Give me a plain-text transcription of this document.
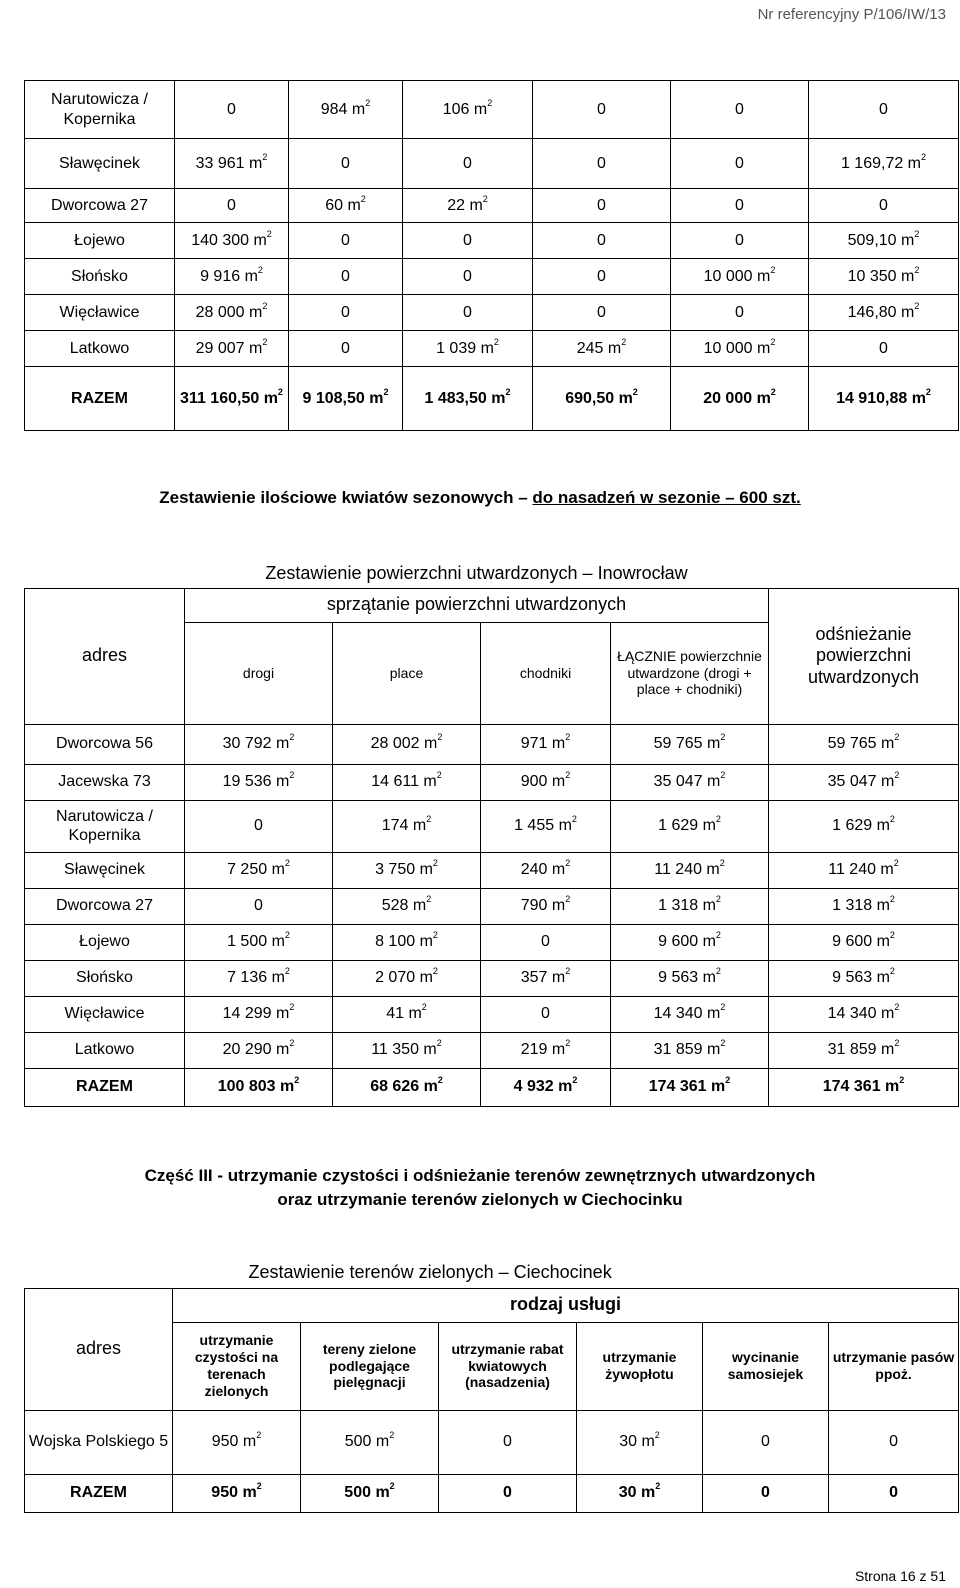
Nr referencyjny P/106/IW/13
Narutowicza / Kopernika	0	984 $m^2$	106 $m^2$	0	0	0
Sławęcinek	33 961 $m^2$	0	0	0	0	1 169,72 $m^2$
Dworcowa 27	0	60 $m^2$	22 $m^2$	0	0	0
Łojewo	140 300 $m^2$	0	0	0	0	509,10 $m^2$
Słońsko	9 916 $m^2$	0	0	0	10 000 $m^2$	10 350 $m^2$
Więcławice	28 000 $m^2$	0	0	0	0	146,80 $m^2$
Latkowo	29 007 $m^2$	0	1 039 $m^2$	245 $m^2$	10 000 $m^2$	0
RAZEM	311 160,50 $m^2$	9 108,50 $m^2$	1 483,50 $m^2$	690,50 $m^2$	20 000 $m^2$	14 910,88 $m^2$
Zestawienie ilościowe kwiatów sezonowych – do nasadzeń w sezonie – 600 szt.
	Zestawienie powierzchni utwardzonych – Inowrocław				
adres	sprzątanie powierzchni utwardzonych				odśnieżanie powierzchni utwardzonych
	drogi	place	chodniki	ŁĄCZNIE powierzchnie utwardzone (drogi + place + chodniki)	
Dworcowa 56	30 792 $m^2$	28 002 $m^2$	971 $m^2$	59 765 $m^2$	59 765 $m^2$
Jacewska 73	19 536 $m^2$	14 611 $m^2$	900 $m^2$	35 047 $m^2$	35 047 $m^2$
Narutowicza / Kopernika	0	174 $m^2$	1 455 $m^2$	1 629 $m^2$	1 629 $m^2$
Sławęcinek	7 250 $m^2$	3 750 $m^2$	240 $m^2$	11 240 $m^2$	11 240 $m^2$
Dworcowa 27	0	528 $m^2$	790 $m^2$	1 318 $m^2$	1 318 $m^2$
Łojewo	1 500 $m^2$	8 100 $m^2$	0	9 600 $m^2$	9 600 $m^2$
Słońsko	7 136 $m^2$	2 070 $m^2$	357 $m^2$	9 563 $m^2$	9 563 $m^2$
Więcławice	14 299 $m^2$	41 $m^2$	0	14 340 $m^2$	14 340 $m^2$
Latkowo	20 290 $m^2$	11 350 $m^2$	219 $m^2$	31 859 $m^2$	31 859 $m^2$
RAZEM	100 803 $m^2$	68 626 $m^2$	4 932 $m^2$	174 361 $m^2$	174 361 $m^2$
Część III - utrzymanie czystości i odśnieżanie terenów zewnętrznych utwardzonych
oraz utrzymanie terenów zielonych w Ciechocinku
	Zestawienie terenów zielonych – Ciechocinek					
adres	rodzaj usługi					
	utrzymanie czystości na terenach zielonych	tereny zielone podlegające pielęgnacji	utrzymanie rabat kwiatowych (nasadzenia)	utrzymanie żywopłotu	wycinanie samosiejek	utrzymanie pasów ppoż.
Wojska Polskiego 5	950 $m^2$	500 $m^2$	0	30 $m^2$	0	0
RAZEM	950 $m^2$	500 $m^2$	0	30 $m^2$	0	0
Strona 16 z 51
